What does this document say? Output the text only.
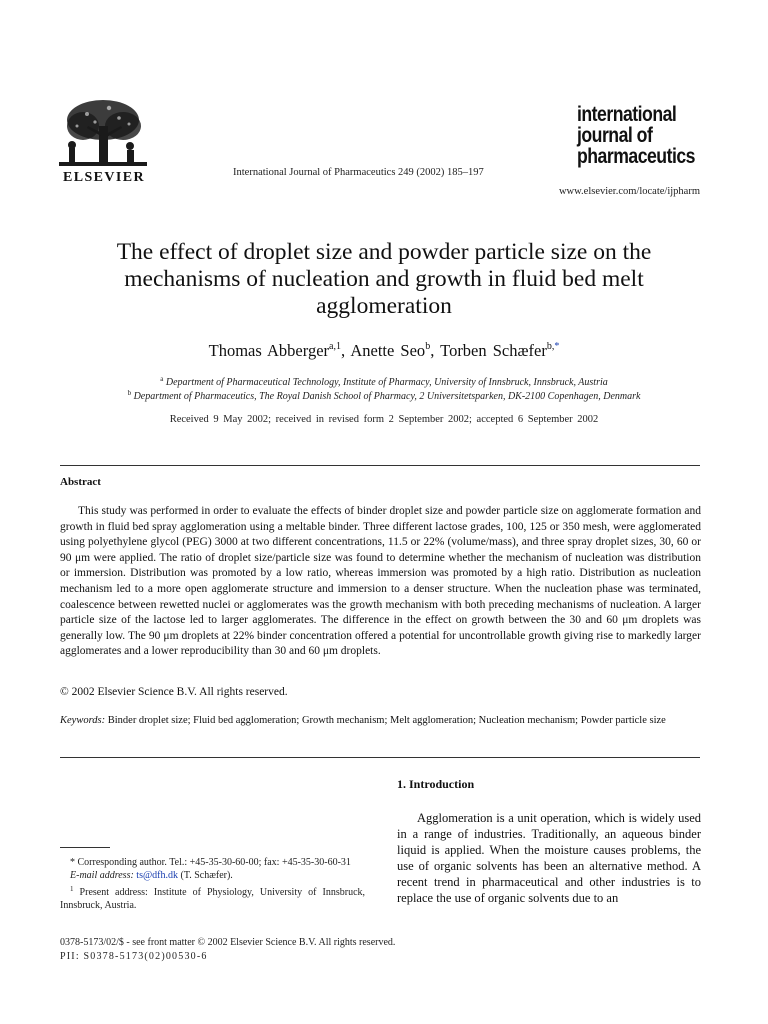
ELSEVIER	International Journal of Pharmaceutics 249 (2002) 185–197
international
journal of
pharmaceutics
www.elsevier.com/locate/ijpharm
The effect of droplet size and powder particle size on the mechanisms of nucleation and growth in fluid bed melt agglomeration
Thomas Abberger$^{a,1}$, Anette Seo$^b$, Torben Schæfer$^{b,*}$
$^a$ Department of Pharmaceutical Technology, Institute of Pharmacy, University of Innsbruck, Innsbruck, Austria
$^b$ Department of Pharmaceutics, The Royal Danish School of Pharmacy, 2 Universitetsparken, DK-2100 Copenhagen, Denmark
Received 9 May 2002; received in revised form 2 September 2002; accepted 6 September 2002
Abstract

This study was performed in order to evaluate the effects of binder droplet size and powder particle size on agglomerate formation and growth in fluid bed spray agglomeration using a meltable binder. Three different lactose grades, 100, 125 or 350 mesh, were agglomerated using polyethylene glycol (PEG) 3000 at two different concentrations, 11.5 or 22% (volume/mass), and three spray droplet sizes, 30, 60 or 90 μm were applied. The ratio of droplet size/particle size was found to determine whether the mechanism of nucleation was distribution or immersion. Distribution was promoted by a low ratio, whereas immersion was promoted by a high ratio. Distribution as nucleation mechanism led to a more open agglomerate structure and immersion to a denser structure. When the nucleation phase was terminated, coalescence between rewetted nuclei or agglomerates was the growth mechanism with both preceding mechanisms of nucleation. A larger particle size of the lactose led to larger agglomerates. The difference in the effect on growth between the 30 and 60 μm droplets was generally low. The 90 μm droplets at 22% binder concentration offered a potential for uncontrollable growth giving rise to markedly larger agglomerates and a lower reproducibility than 30 and 60 μm droplets.

© 2002 Elsevier Science B.V. All rights reserved.

Keywords: Binder droplet size; Fluid bed agglomeration; Growth mechanism; Melt agglomeration; Nucleation mechanism; Powder particle size

1. Introduction

Agglomeration is a unit operation, which is widely used in a range of industries. Traditionally, an aqueous binder liquid is applied. When the moisture causes problems, the use of organic solvents has been an alternative method. A recent trend in pharmaceutical and other industries is to replace the use of organic solvents due to an

* Corresponding author. Tel.: +45-35-30-60-00; fax: +45-35-30-60-31

E-mail address: ts@dfh.dk (T. Schæfer).

$^1$ Present address: Institute of Physiology, University of Innsbruck, Innsbruck, Austria.

0378-5173/02/$ - see front matter © 2002 Elsevier Science B.V. All rights reserved.
PII: S0378-5173(02)00530-6
